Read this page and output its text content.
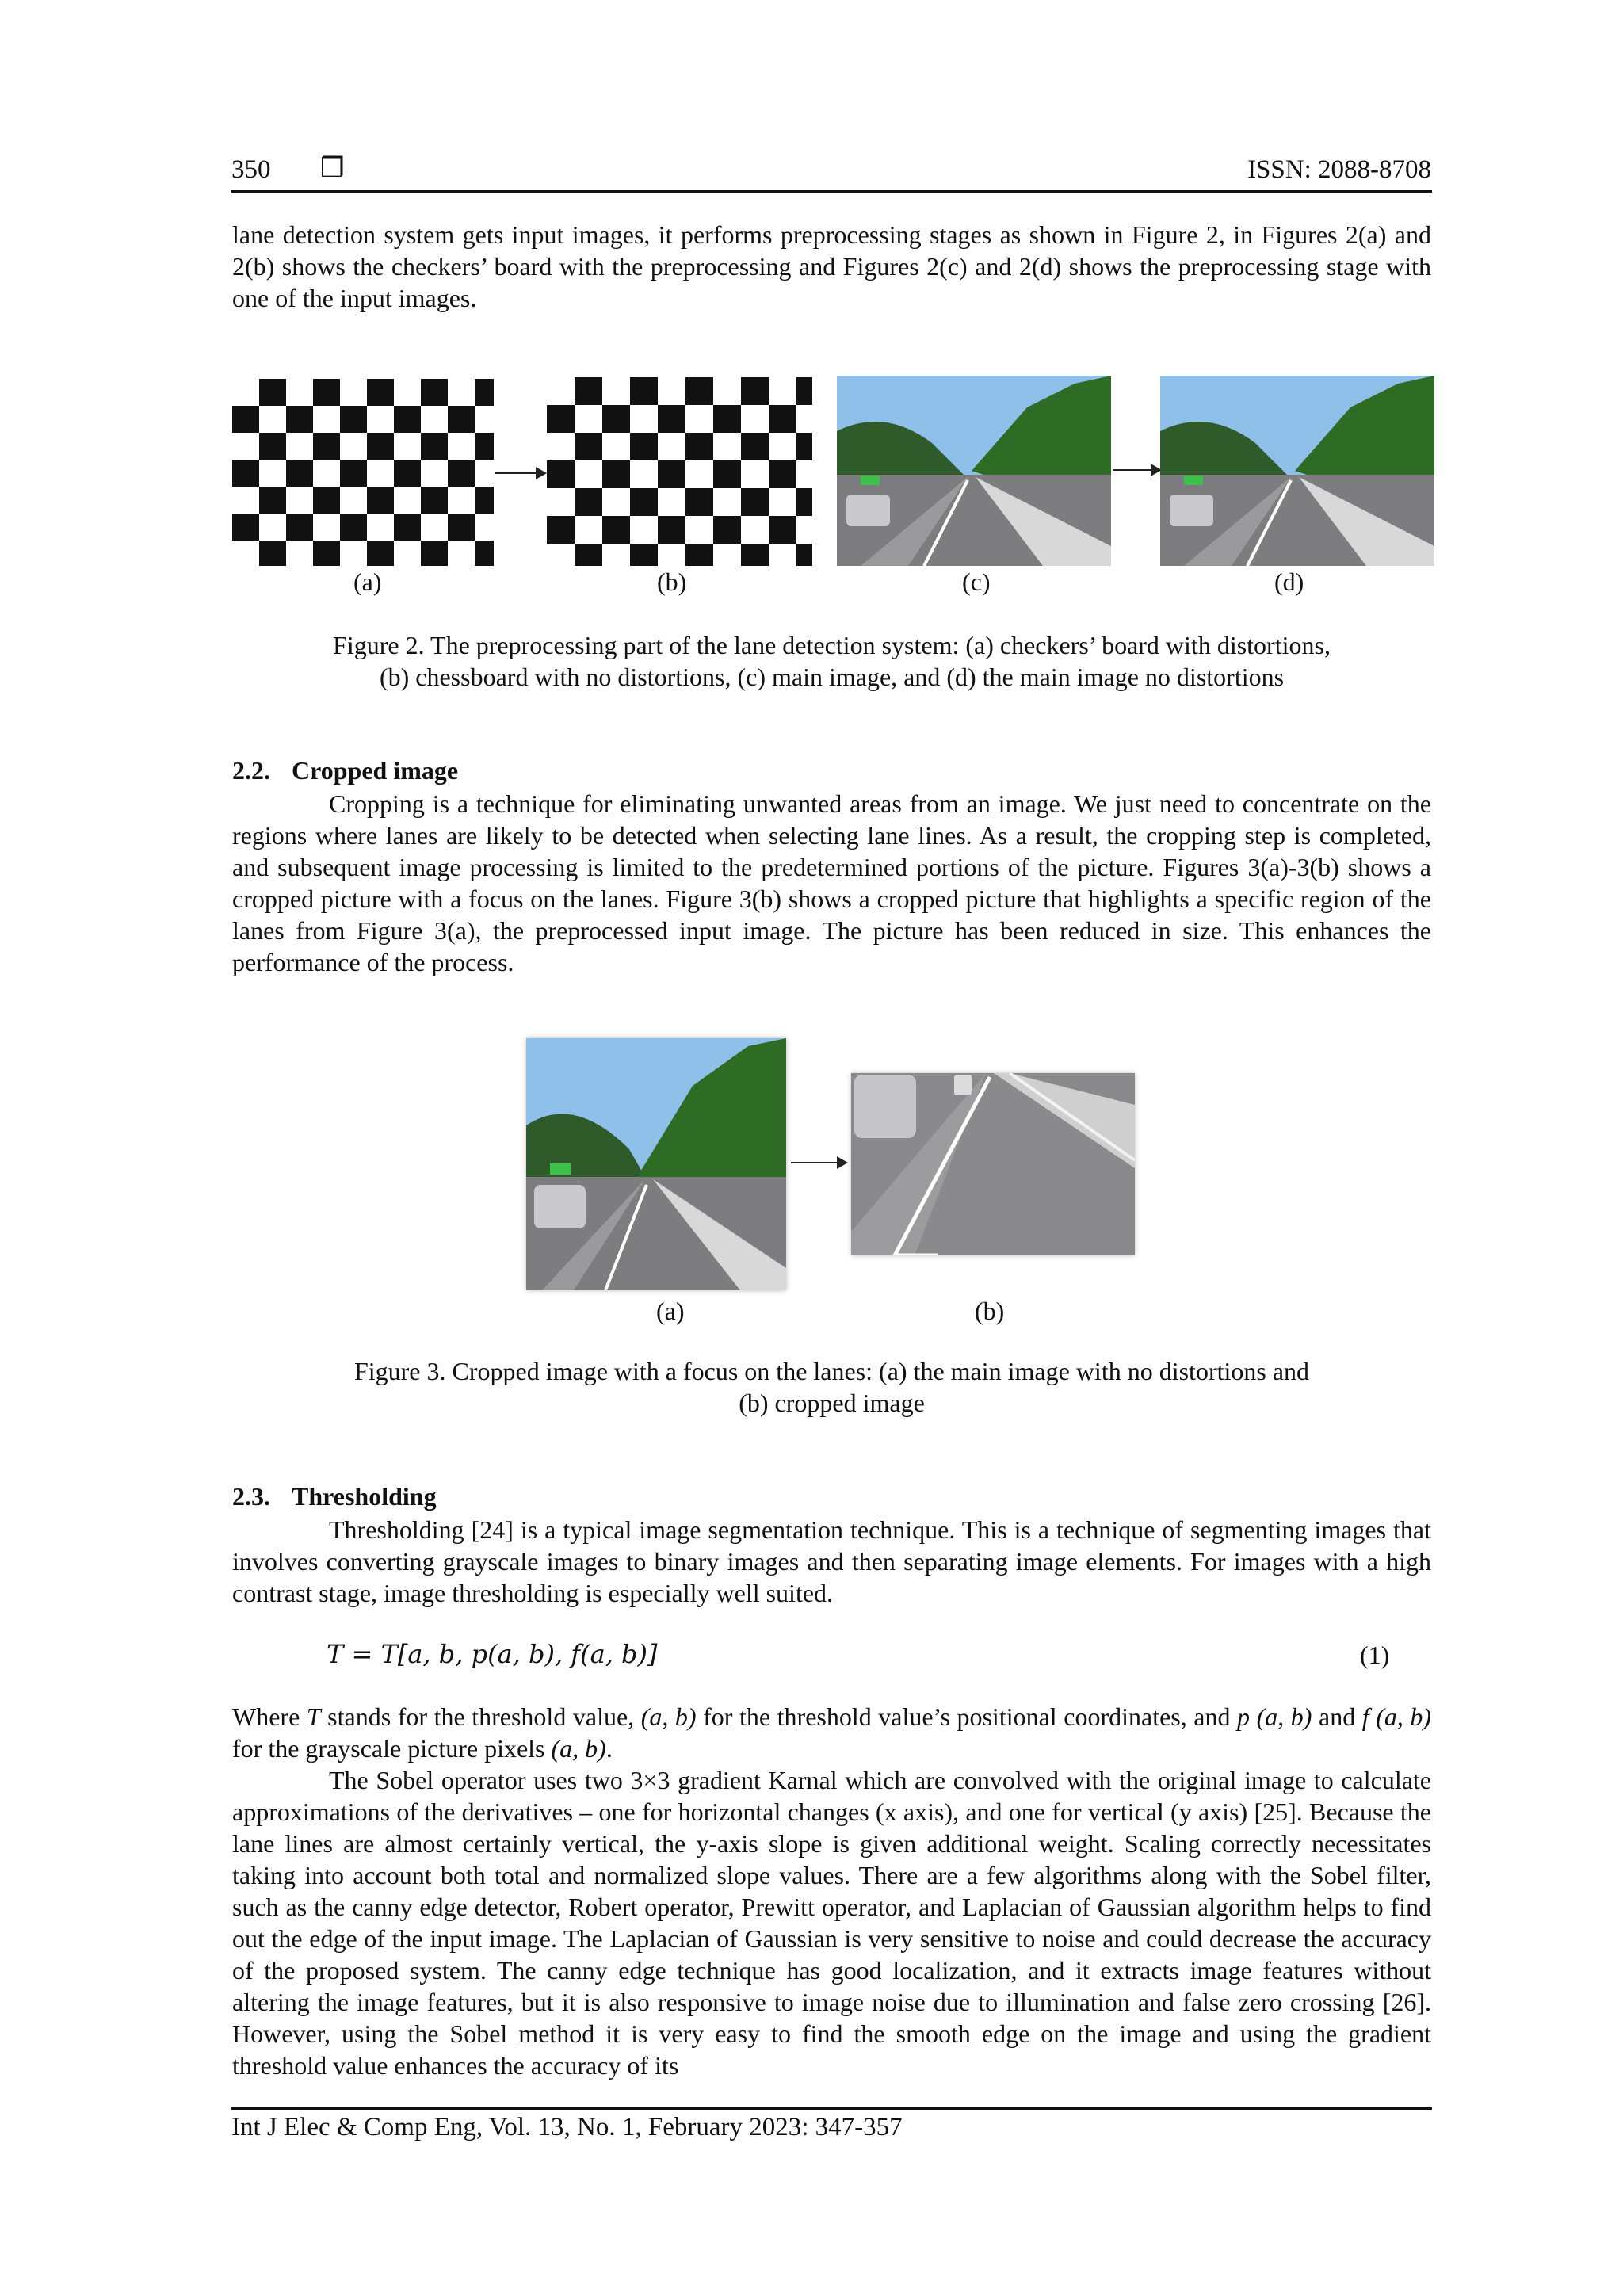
350 ❐	ISSN: 2088-8708
lane detection system gets input images, it performs preprocessing stages as shown in Figure 2, in Figures 2(a) and 2(b) shows the checkers’ board with the preprocessing and Figures 2(c) and 2(d) shows the preprocessing stage with one of the input images.
(a)	(b)	(c)	(d)
Figure 2. The preprocessing part of the lane detection system: (a) checkers’ board with distortions,
(b) chessboard with no distortions, (c) main image, and (d) the main image no distortions
2.2. Cropped image
Cropping is a technique for eliminating unwanted areas from an image. We just need to concentrate on the regions where lanes are likely to be detected when selecting lane lines. As a result, the cropping step is completed, and subsequent image processing is limited to the predetermined portions of the picture. Figures 3(a)-3(b) shows a cropped picture with a focus on the lanes. Figure 3(b) shows a cropped picture that highlights a specific region of the lanes from Figure 3(a), the preprocessed input image. The picture has been reduced in size. This enhances the performance of the process.
(a)	(b)
Figure 3. Cropped image with a focus on the lanes: (a) the main image with no distortions and
(b) cropped image
2.3. Thresholding
Thresholding [24] is a typical image segmentation technique. This is a technique of segmenting images that involves converting grayscale images to binary images and then separating image elements. For images with a high contrast stage, image thresholding is especially well suited.
T = T[a, b, p(a, b), f(a, b)]	(1)
Where T stands for the threshold value, (a, b) for the threshold value’s positional coordinates, and p (a, b) and f (a, b) for the grayscale picture pixels (a, b).
The Sobel operator uses two 3×3 gradient Karnal which are convolved with the original image to calculate approximations of the derivatives – one for horizontal changes (x axis), and one for vertical (y axis) [25]. Because the lane lines are almost certainly vertical, the y-axis slope is given additional weight. Scaling correctly necessitates taking into account both total and normalized slope values. There are a few algorithms along with the Sobel filter, such as the canny edge detector, Robert operator, Prewitt operator, and Laplacian of Gaussian algorithm helps to find out the edge of the input image. The Laplacian of Gaussian is very sensitive to noise and could decrease the accuracy of the proposed system. The canny edge technique has good localization, and it extracts image features without altering the image features, but it is also responsive to image noise due to illumination and false zero crossing [26]. However, using the Sobel method it is very easy to find the smooth edge on the image and using the gradient threshold value enhances the accuracy of its
Int J Elec & Comp Eng, Vol. 13, No. 1, February 2023: 347-357
